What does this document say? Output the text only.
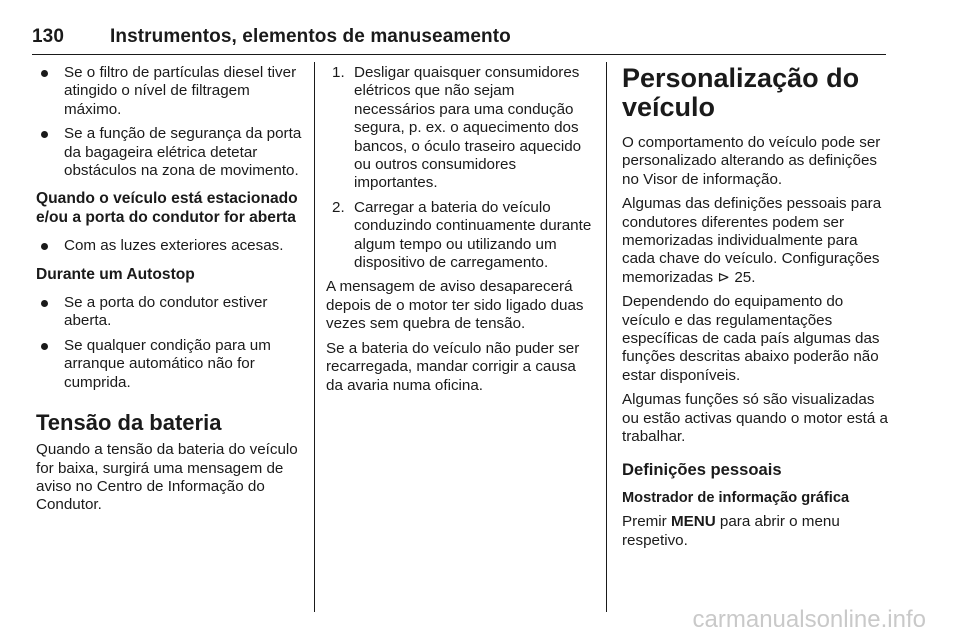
130 Instrumentos, elementos de manuseamento
Se o filtro de partículas diesel tiver atingido o nível de filtragem máximo.
Se a função de segurança da porta da bagageira elétrica detetar obstáculos na zona de movimento.
Quando o veículo está estacionado e/ou a porta do condutor for aberta
Com as luzes exteriores acesas.
Durante um Autostop
Se a porta do condutor estiver aberta.
Se qualquer condição para um arranque automático não for cumprida.
Tensão da bateria

Quando a tensão da bateria do veículo for baixa, surgirá uma mensagem de aviso no Centro de Informação do Condutor.

1. Desligar quaisquer consumidores elétricos que não sejam necessários para uma condução segura, p. ex. o aquecimento dos bancos, o óculo traseiro aquecido ou outros consumidores importantes.
2. Carregar a bateria do veículo conduzindo continuamente durante algum tempo ou utilizando um dispositivo de carregamento.

A mensagem de aviso desaparecerá depois de o motor ter sido ligado duas vezes sem quebra de tensão.

Se a bateria do veículo não puder ser recarregada, mandar corrigir a causa da avaria numa oficina.

Personalização do veículo

O comportamento do veículo pode ser personalizado alterando as definições no Visor de informação.

Algumas das definições pessoais para condutores diferentes podem ser memorizadas individualmente para cada chave do veículo. Configurações memorizadas ⊳ 25.

Dependendo do equipamento do veículo e das regulamentações específicas de cada país algumas das funções descritas abaixo poderão não estar disponíveis.

Algumas funções só são visualizadas ou estão activas quando o motor está a trabalhar.

Definições pessoais
Mostrador de informação gráfica

Premir MENU para abrir o menu respetivo.

carmanualsonline.info
